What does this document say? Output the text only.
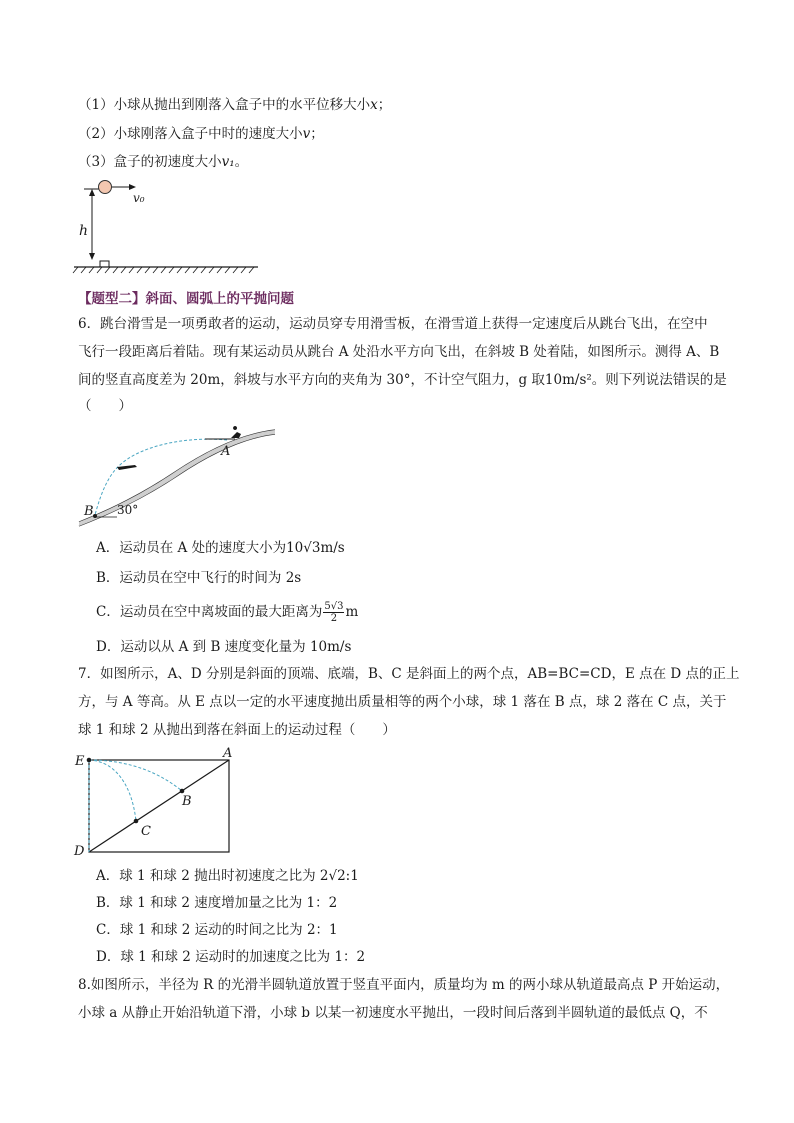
（1）小球从抛出到刚落入盒子中的水平位移大小x；
（2）小球刚落入盒子中时的速度大小v；
（3）盒子的初速度大小v₁。
h
v₀
【题型二】斜面、圆弧上的平抛问题
6．跳台滑雪是一项勇敢者的运动，运动员穿专用滑雪板，在滑雪道上获得一定速度后从跳台飞出，在空中
飞行一段距离后着陆。现有某运动员从跳台 A 处沿水平方向飞出，在斜坡 B 处着陆，如图所示。测得 A、B
间的竖直高度差为 20m，斜坡与水平方向的夹角为 30°，不计空气阻力，g 取10m/s²。则下列说法错误的是
（　　）
A
B 30°
A．运动员在 A 处的速度大小为10√3m/s
B．运动员在空中飞行的时间为 2s
C．运动员在空中离坡面的最大距离为 $\frac{5√3}{2}$ m
D．运动以从 A 到 B 速度变化量为 10m/s
7．如图所示，A、D 分别是斜面的顶端、底端，B、C 是斜面上的两个点，AB=BC=CD，E 点在 D 点的正上
方，与 A 等高。从 E 点以一定的水平速度抛出质量相等的两个小球，球 1 落在 B 点，球 2 落在 C 点，关于
球 1 和球 2 从抛出到落在斜面上的运动过程（　　）
E
A
B
C
D
A．球 1 和球 2 抛出时初速度之比为 2√2:1
B．球 1 和球 2 速度增加量之比为 1：2
C．球 1 和球 2 运动的时间之比为 2：1
D．球 1 和球 2 运动时的加速度之比为 1：2
8.如图所示，半径为 R 的光滑半圆轨道放置于竖直平面内，质量均为 m 的两小球从轨道最高点 P 开始运动，
小球 a 从静止开始沿轨道下滑，小球 b 以某一初速度水平抛出，一段时间后落到半圆轨道的最低点 Q，不
